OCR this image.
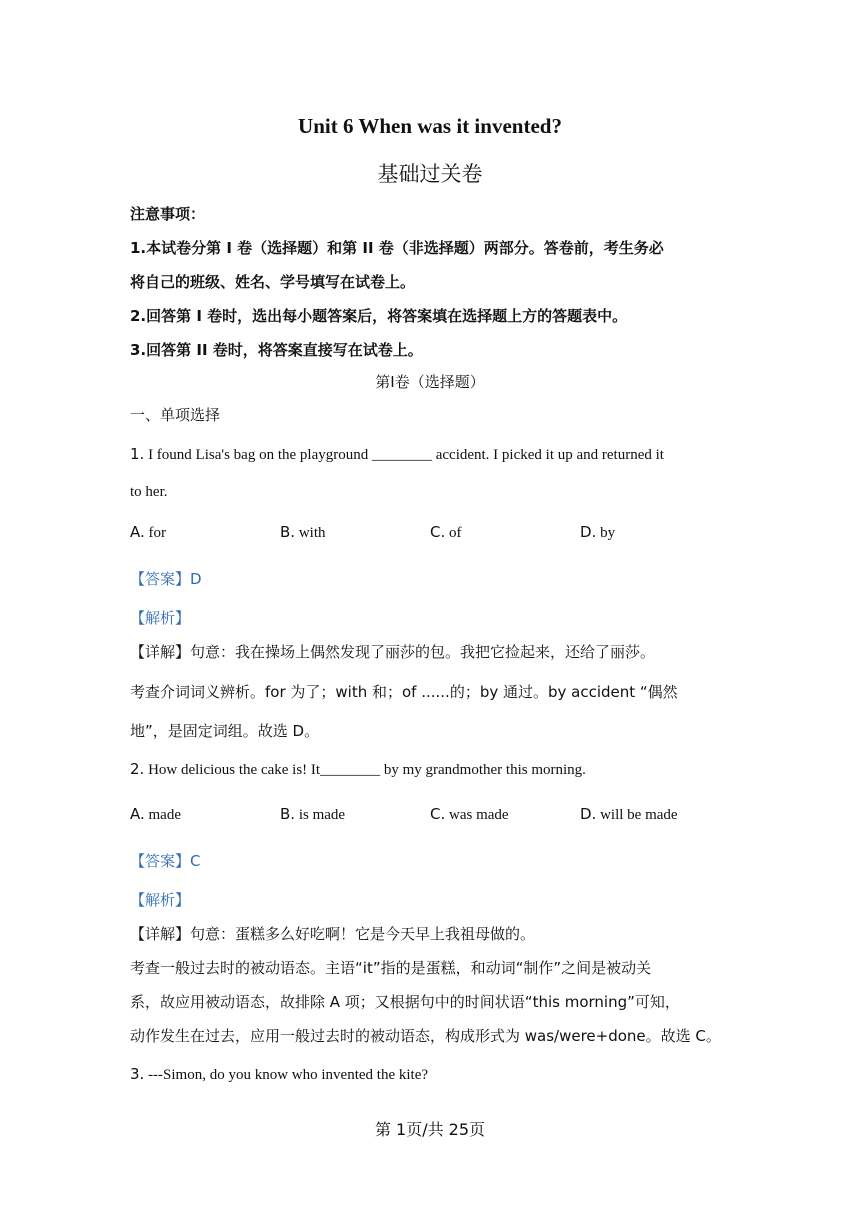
Unit 6 When was it invented?
基础过关卷
注意事项：
1.本试卷分第 I 卷（选择题）和第 II 卷（非选择题）两部分。答卷前，考生务必
将自己的班级、姓名、学号填写在试卷上。
2.回答第 I 卷时，选出每小题答案后，将答案填在选择题上方的答题表中。
3.回答第 II 卷时，将答案直接写在试卷上。
第Ⅰ卷（选择题）
一、单项选择
1. I found Lisa's bag on the playground ________ accident. I picked it up and returned it
to her.
A. for	B. with	C. of	D. by
【答案】D
【解析】
【详解】句意：我在操场上偶然发现了丽莎的包。我把它捡起来，还给了丽莎。
考查介词词义辨析。for 为了；with 和；of ......的；by 通过。by accident “偶然
地”，是固定词组。故选 D。
2. How delicious the cake is! It________ by my grandmother this morning.
A. made	B. is made	C. was made	D. will be made
【答案】C
【解析】
【详解】句意：蛋糕多么好吃啊！它是今天早上我祖母做的。
考查一般过去时的被动语态。主语“it”指的是蛋糕，和动词“制作”之间是被动关
系，故应用被动语态，故排除 A 项；又根据句中的时间状语“this morning”可知，
动作发生在过去，应用一般过去时的被动语态，构成形式为 was/were+done。故选 C。
3. ---Simon, do you know who invented the kite?
第 1页/共 25页
